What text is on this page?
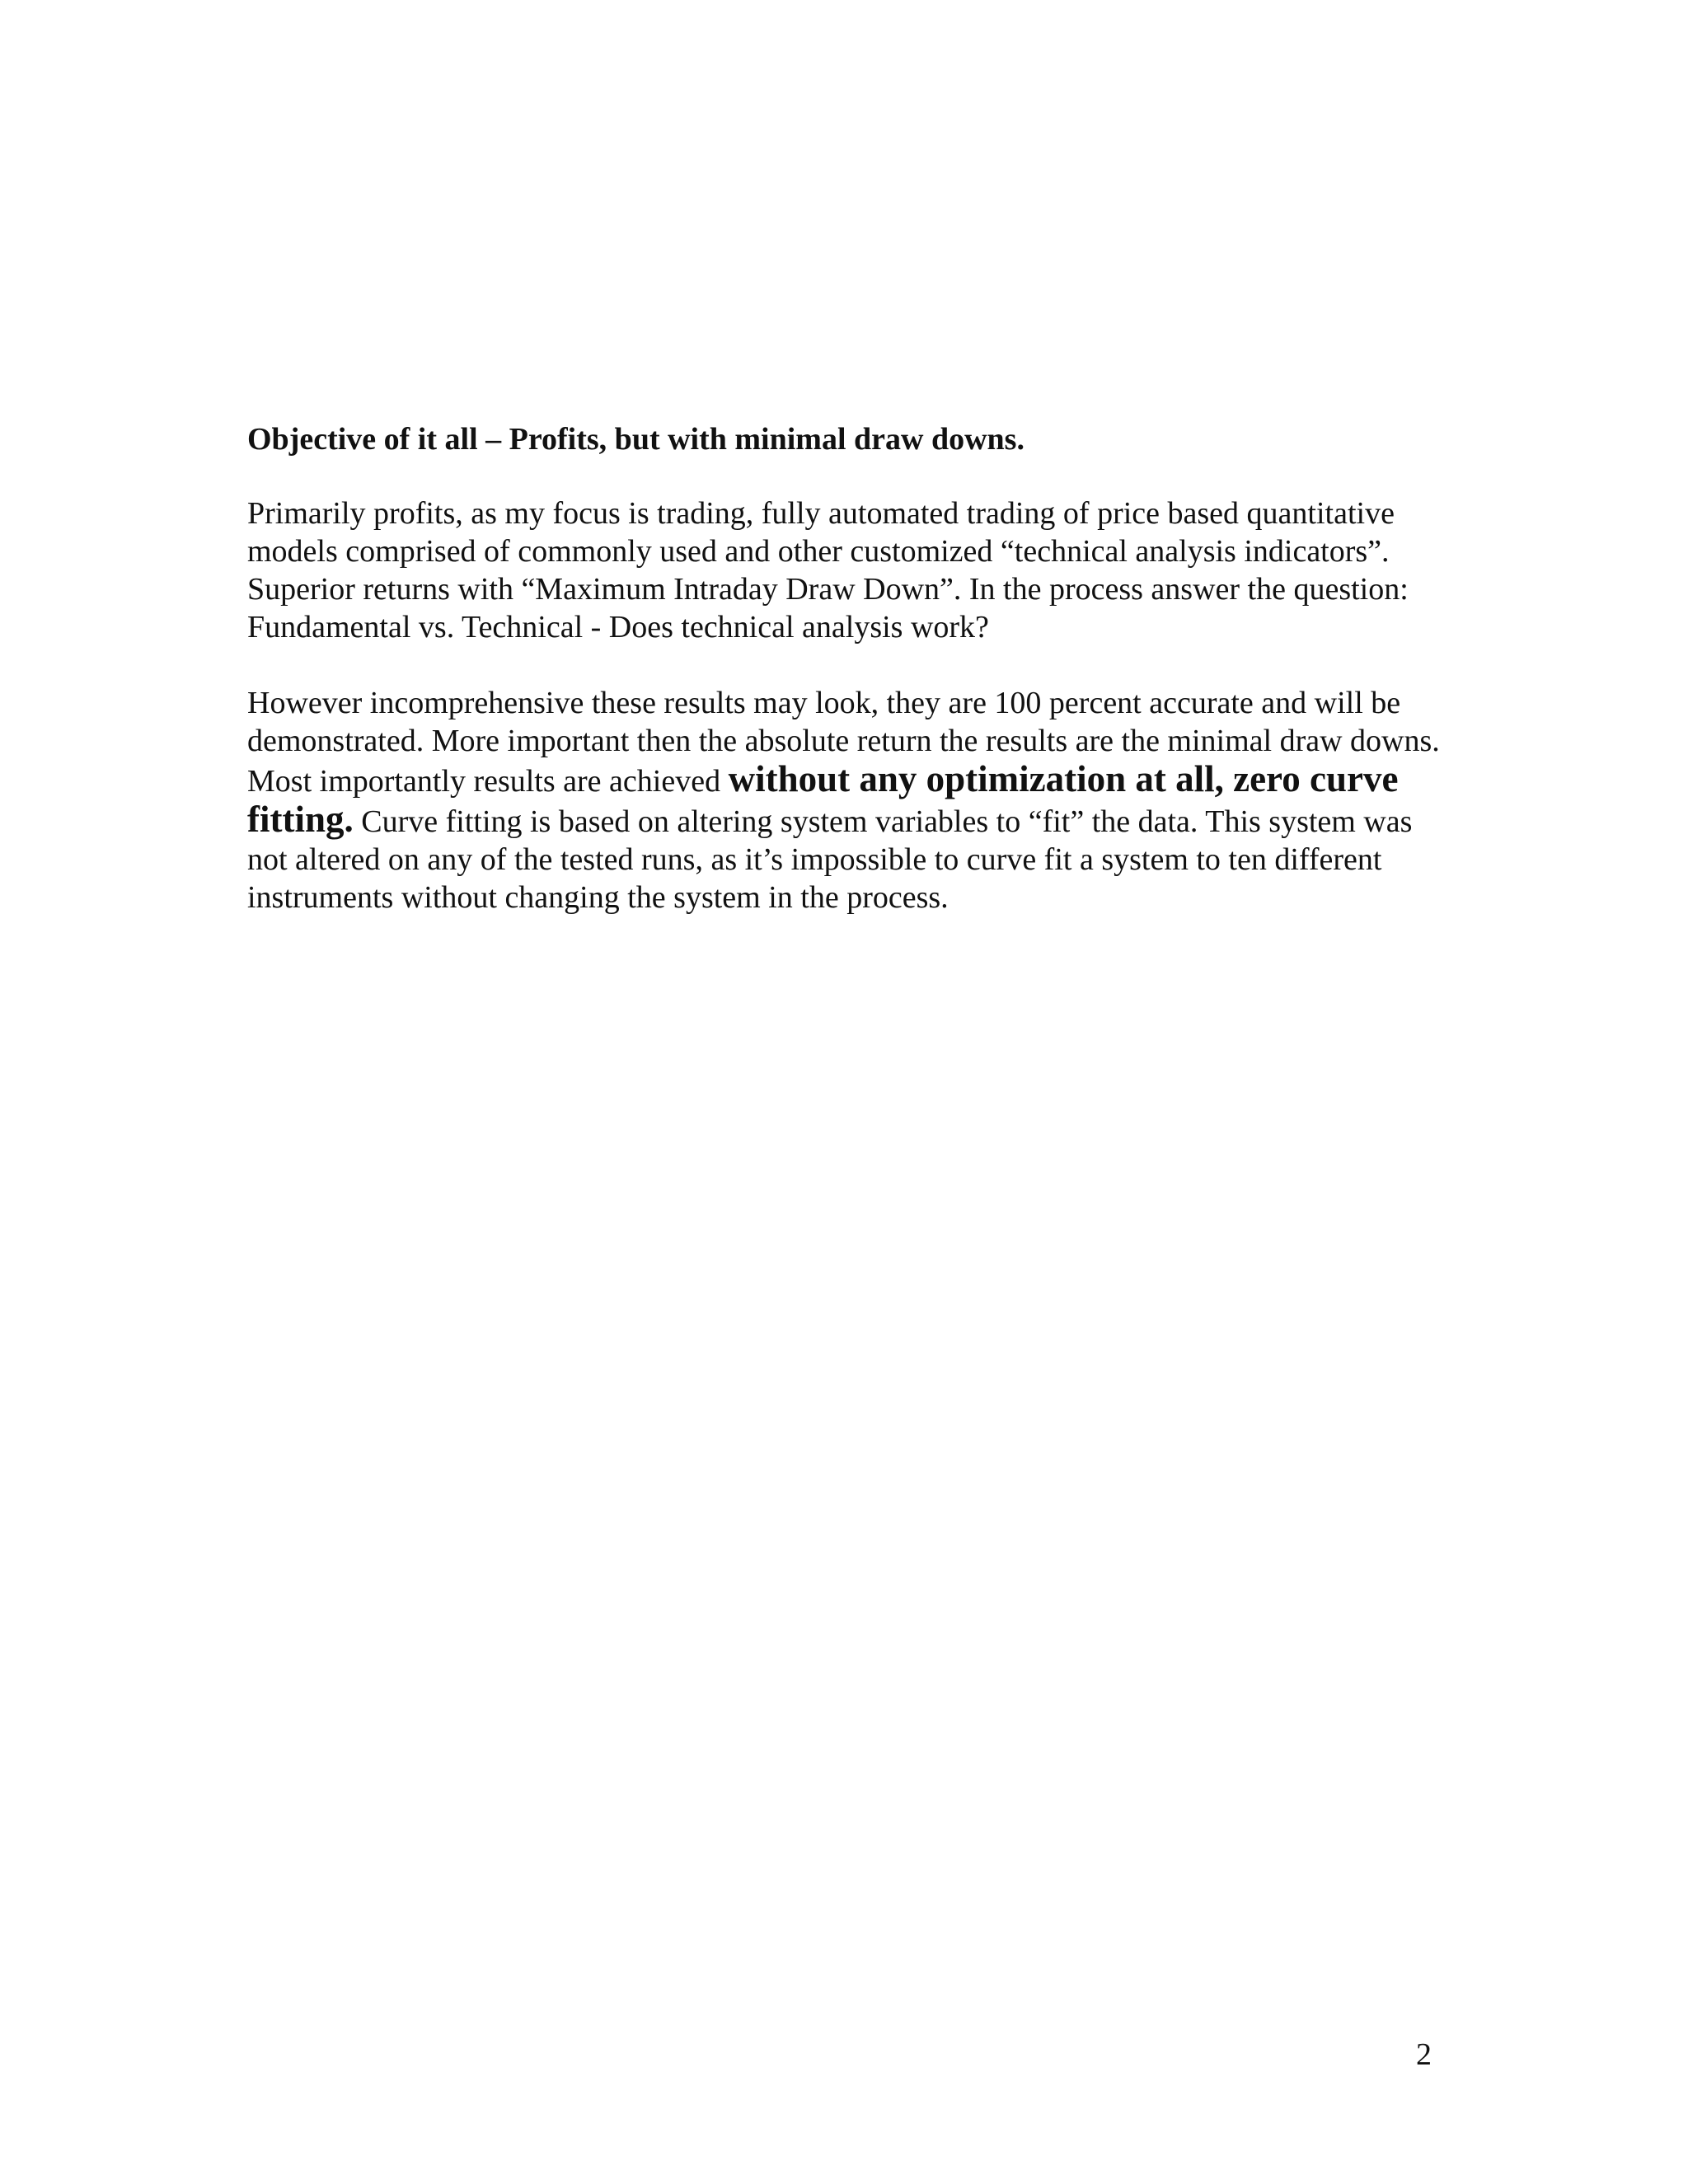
Objective of it all – Profits, but with minimal draw downs.

Primarily profits, as my focus is trading, fully automated trading of price based quantitative models comprised of commonly used and other customized “technical analysis indicators”. Superior returns with “Maximum Intraday Draw Down”. In the process answer the question: Fundamental vs. Technical - Does technical analysis work?

However incomprehensive these results may look, they are 100 percent accurate and will be demonstrated. More important then the absolute return the results are the minimal draw downs. Most importantly results are achieved without any optimization at all, zero curve fitting. Curve fitting is based on altering system variables to “fit” the data. This system was not altered on any of the tested runs, as it’s impossible to curve fit a system to ten different instruments without changing the system in the process.

2
